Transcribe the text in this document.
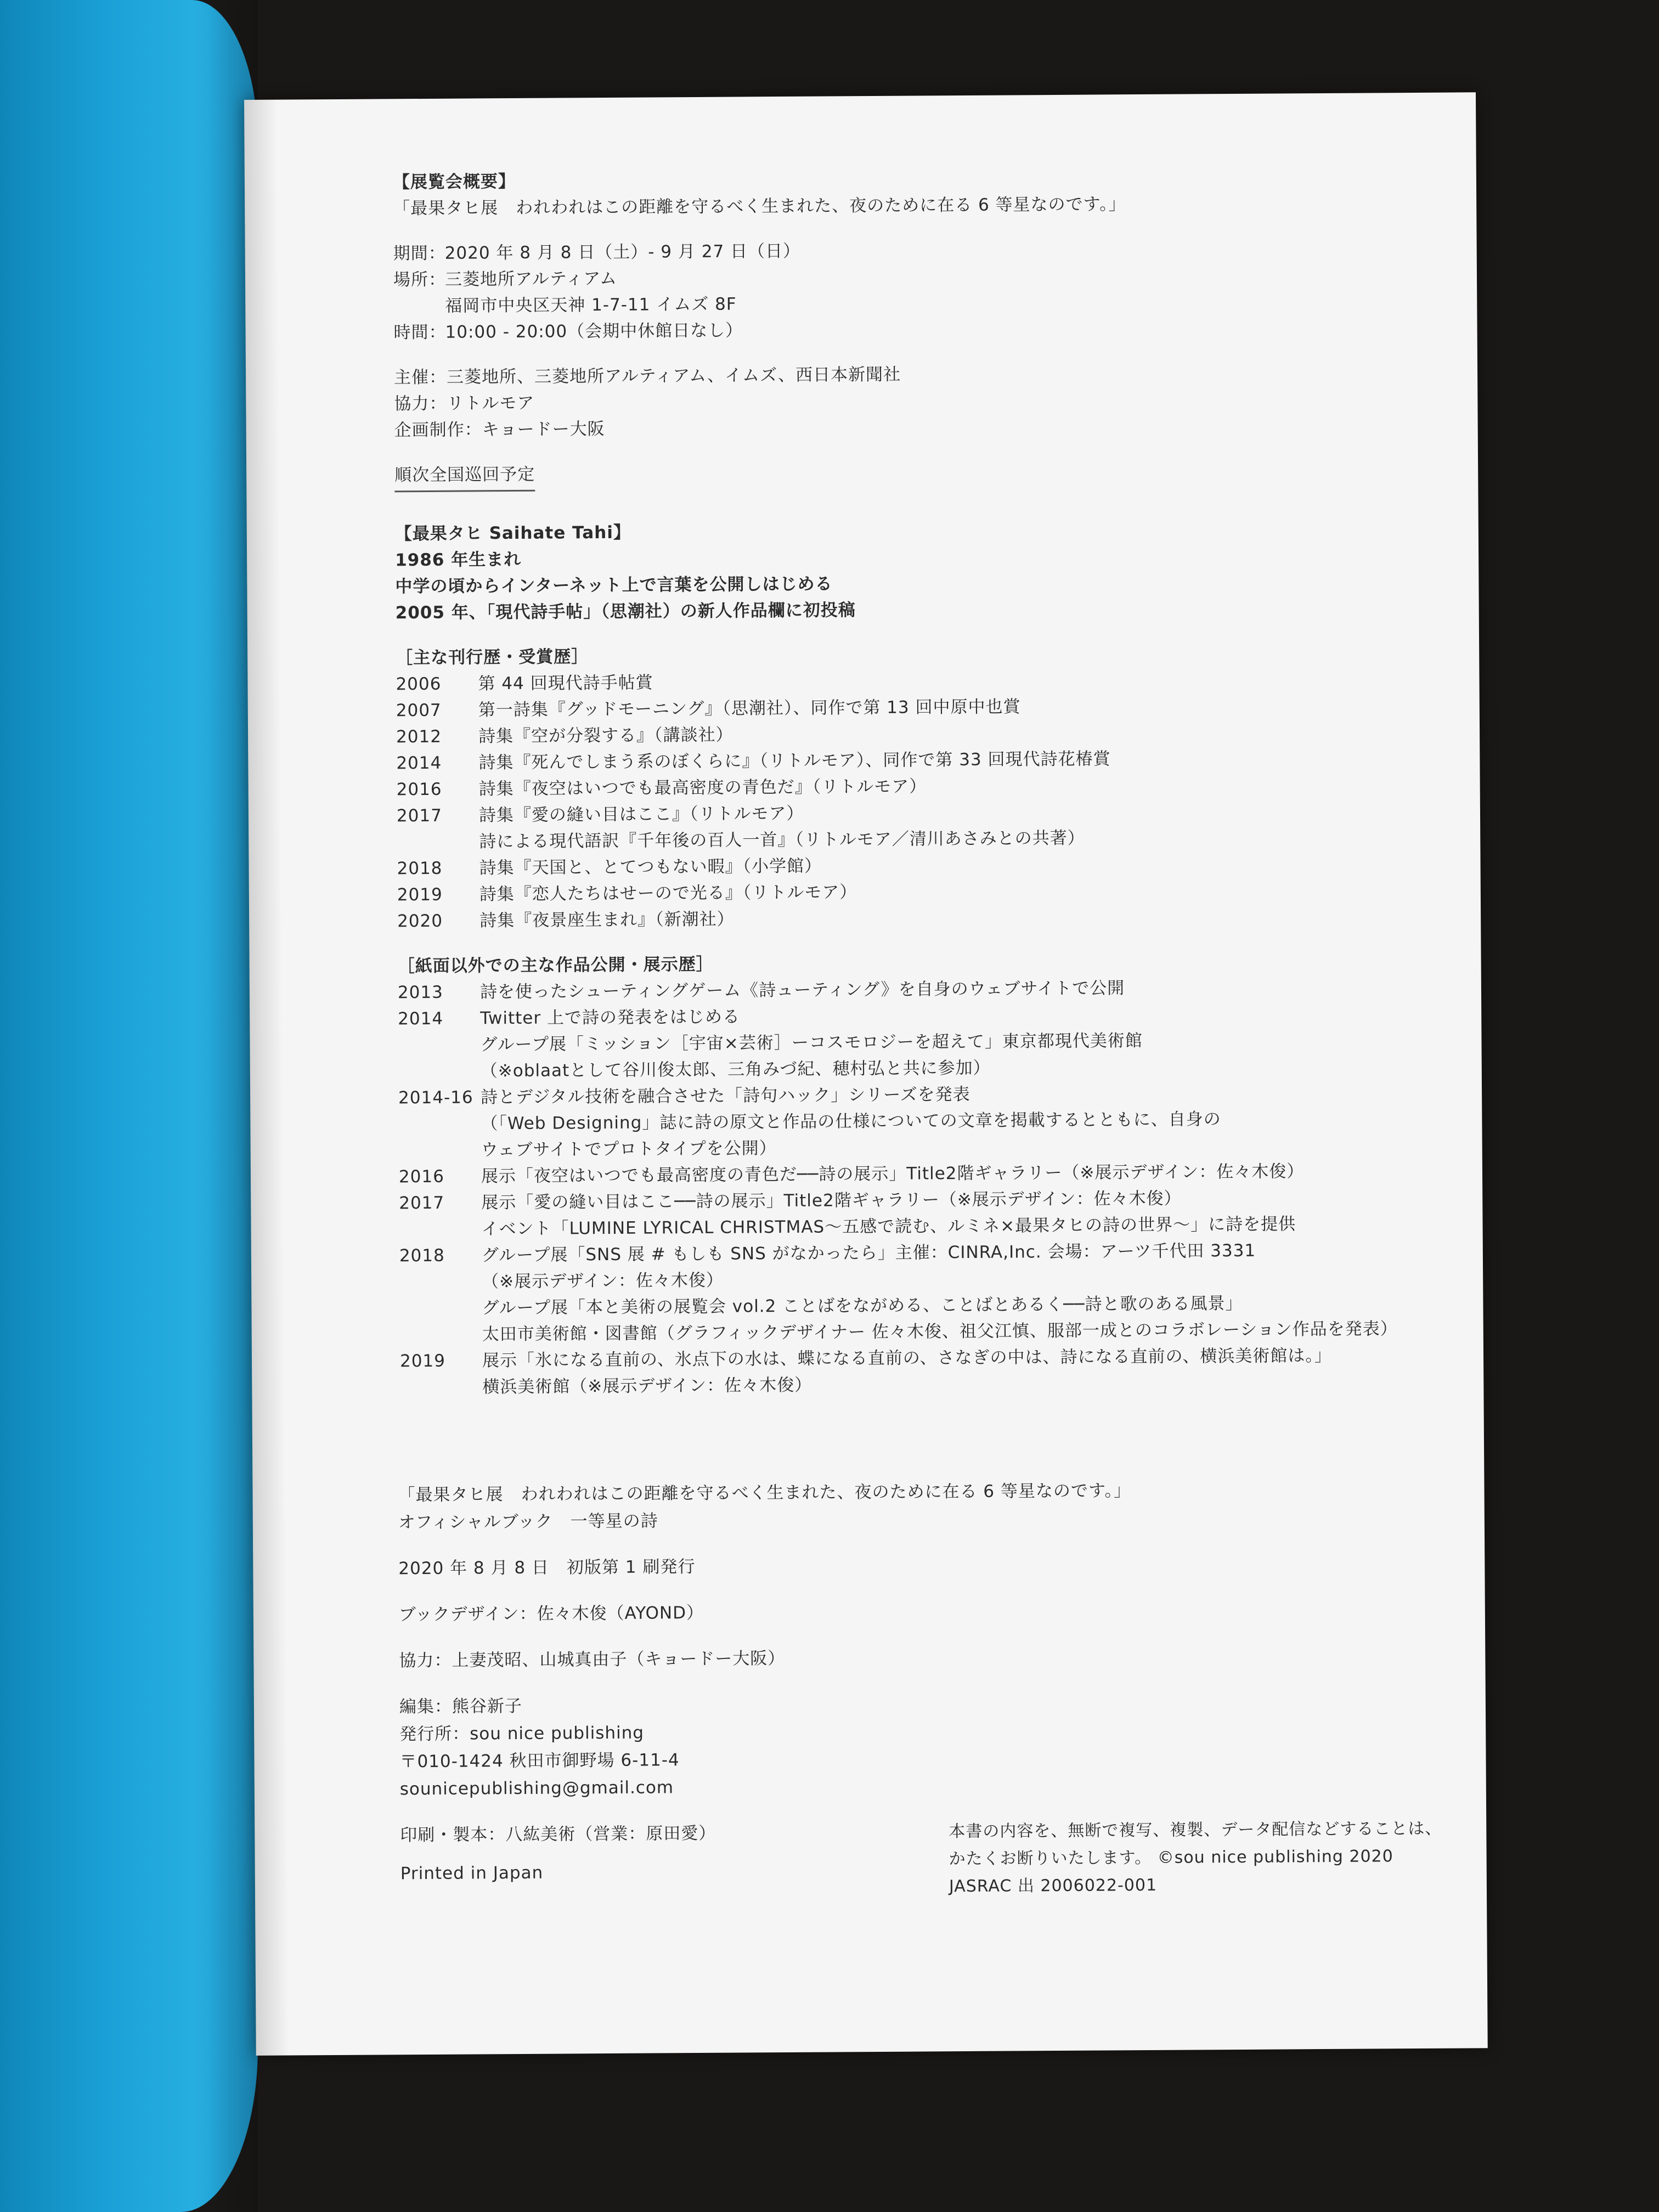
【展覧会概要】
「最果タヒ展　われわれはこの距離を守るべく生まれた、夜のために在る 6 等星なのです。」
期間：
2020 年 8 月 8 日（土）- 9 月 27 日（日）
場所：
三菱地所アルティアム
福岡市中央区天神 1-7-11 イムズ 8F
時間：
10:00 - 20:00（会期中休館日なし）
主催： 三菱地所、三菱地所アルティアム、イムズ、西日本新聞社
協力： リトルモア
企画制作： キョードー大阪
順次全国巡回予定
【最果タヒ Saihate Tahi】
1986 年生まれ
中学の頃からインターネット上で言葉を公開しはじめる
2005 年、「現代詩手帖」（思潮社）の新人作品欄に初投稿
［主な刊行歴・受賞歴］
2006	第 44 回現代詩手帖賞
2007	第一詩集『グッドモーニング』（思潮社）、同作で第 13 回中原中也賞
2012	詩集『空が分裂する』（講談社）
2014	詩集『死んでしまう系のぼくらに』（リトルモア）、同作で第 33 回現代詩花椿賞
2016	詩集『夜空はいつでも最高密度の青色だ』（リトルモア）
2017	詩集『愛の縫い目はここ』（リトルモア）
詩による現代語訳『千年後の百人一首』（リトルモア／清川あさみとの共著）
2018	詩集『天国と、とてつもない暇』（小学館）
2019	詩集『恋人たちはせーので光る』（リトルモア）
2020	詩集『夜景座生まれ』（新潮社）
［紙面以外での主な作品公開・展示歴］
2013	詩を使ったシューティングゲーム《詩ューティング》を自身のウェブサイトで公開
2014	Twitter 上で詩の発表をはじめる
グループ展「ミッション［宇宙×芸術］ーコスモロジーを超えて」東京都現代美術館
（※oblaatとして谷川俊太郎、三角みづ紀、穂村弘と共に参加）
2014-16 詩とデジタル技術を融合させた「詩句ハック」シリーズを発表
（「Web Designing」誌に詩の原文と作品の仕様についての文章を掲載するとともに、自身の
ウェブサイトでプロトタイプを公開）
2016	展示「夜空はいつでも最高密度の青色だ──詩の展示」Title2階ギャラリー（※展示デザイン：佐々木俊）
2017	展示「愛の縫い目はここ──詩の展示」Title2階ギャラリー（※展示デザイン：佐々木俊）
イベント「LUMINE LYRICAL CHRISTMAS～五感で読む、ルミネ×最果タヒの詩の世界～」に詩を提供
2018	グループ展「SNS 展 # もしも SNS がなかったら」主催：CINRA,Inc. 会場：アーツ千代田 3331
（※展示デザイン：佐々木俊）
グループ展「本と美術の展覧会 vol.2 ことばをながめる、ことばとあるく──詩と歌のある風景」
太田市美術館・図書館（グラフィックデザイナー 佐々木俊、祖父江慎、服部一成とのコラボレーション作品を発表）
2019	展示「氷になる直前の、氷点下の水は、蝶になる直前の、さなぎの中は、詩になる直前の、横浜美術館は。」
横浜美術館（※展示デザイン：佐々木俊）
「最果タヒ展　われわれはこの距離を守るべく生まれた、夜のために在る 6 等星なのです。」
オフィシャルブック　一等星の詩
2020 年 8 月 8 日　初版第 1 刷発行
ブックデザイン：佐々木俊（AYOND）
協力：上妻茂昭、山城真由子（キョードー大阪）
編集：熊谷新子
発行所：sou nice publishing
〒010-1424 秋田市御野場 6-11-4
sounicepublishing@gmail.com
印刷・製本：八紘美術（営業：原田愛）
Printed in Japan
本書の内容を、無断で複写、複製、データ配信などすることは、
かたくお断りいたします。 ©sou nice publishing 2020
JASRAC 出 2006022-001
